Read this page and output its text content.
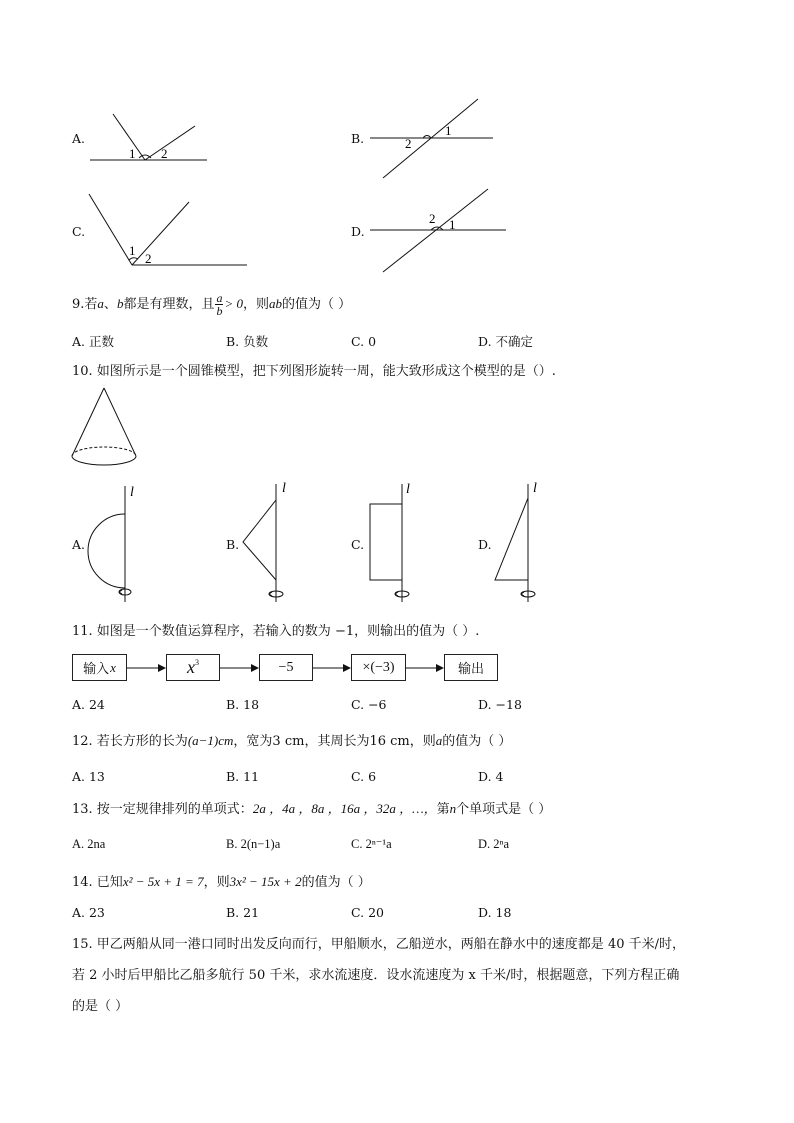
A.
1 2
B.
1
2
C.
1
2
D.
2 1
9.若a、b都是有理数，且 $\frac{a}{b} > 0$，则ab的值为（ ）
A. 正数	B. 负数	C. 0	D. 不确定
10. 如图所示是一个圆锥模型，把下列图形旋转一周，能大致形成这个模型的是（）.
A.
l
B.
l
C.
l
D.
l
11. 如图是一个数值运算程序，若输入的数为 −1，则输出的值为（ ）.
输入 x	$x^3$	−5	×(−3)	输出
A. 24	B. 18	C. −6	D. −18
12. 若长方形的长为(a−1)cm，宽为3 cm，其周长为16 cm，则a的值为（ ）
A. 13	B. 11	C. 6	D. 4
13. 按一定规律排列的单项式：2a ，4a ，8a ，16a ，32a ，…，第n个单项式是（ ）
A. 2na	B. 2(n−1)a	C. 2ⁿ⁻¹a	D. 2ⁿa
14. 已知x² − 5x + 1 = 7，则3x² − 15x + 2的值为（ ）
A. 23	B. 21	C. 20	D. 18
15. 甲乙两船从同一港口同时出发反向而行，甲船顺水，乙船逆水，两船在静水中的速度都是 40 千米/时，
若 2 小时后甲船比乙船多航行 50 千米，求水流速度．设水流速度为 x 千米/时，根据题意，下列方程正确
的是（ ）
